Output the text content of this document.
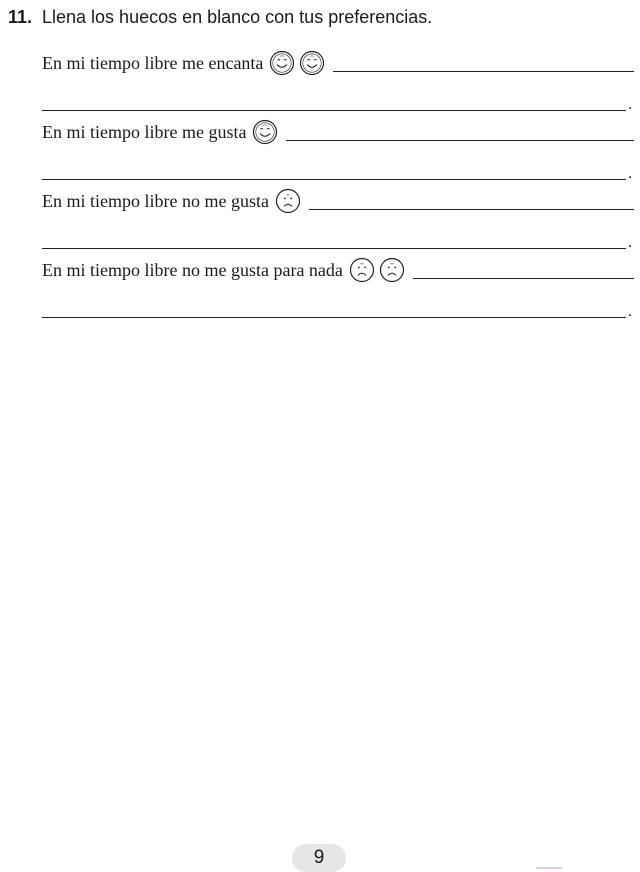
11. Llena los huecos en blanco con tus preferencias.
En mi tiempo libre me encanta
.
En mi tiempo libre me gusta
.
En mi tiempo libre no me gusta
.
En mi tiempo libre no me gusta para nada
.
9
